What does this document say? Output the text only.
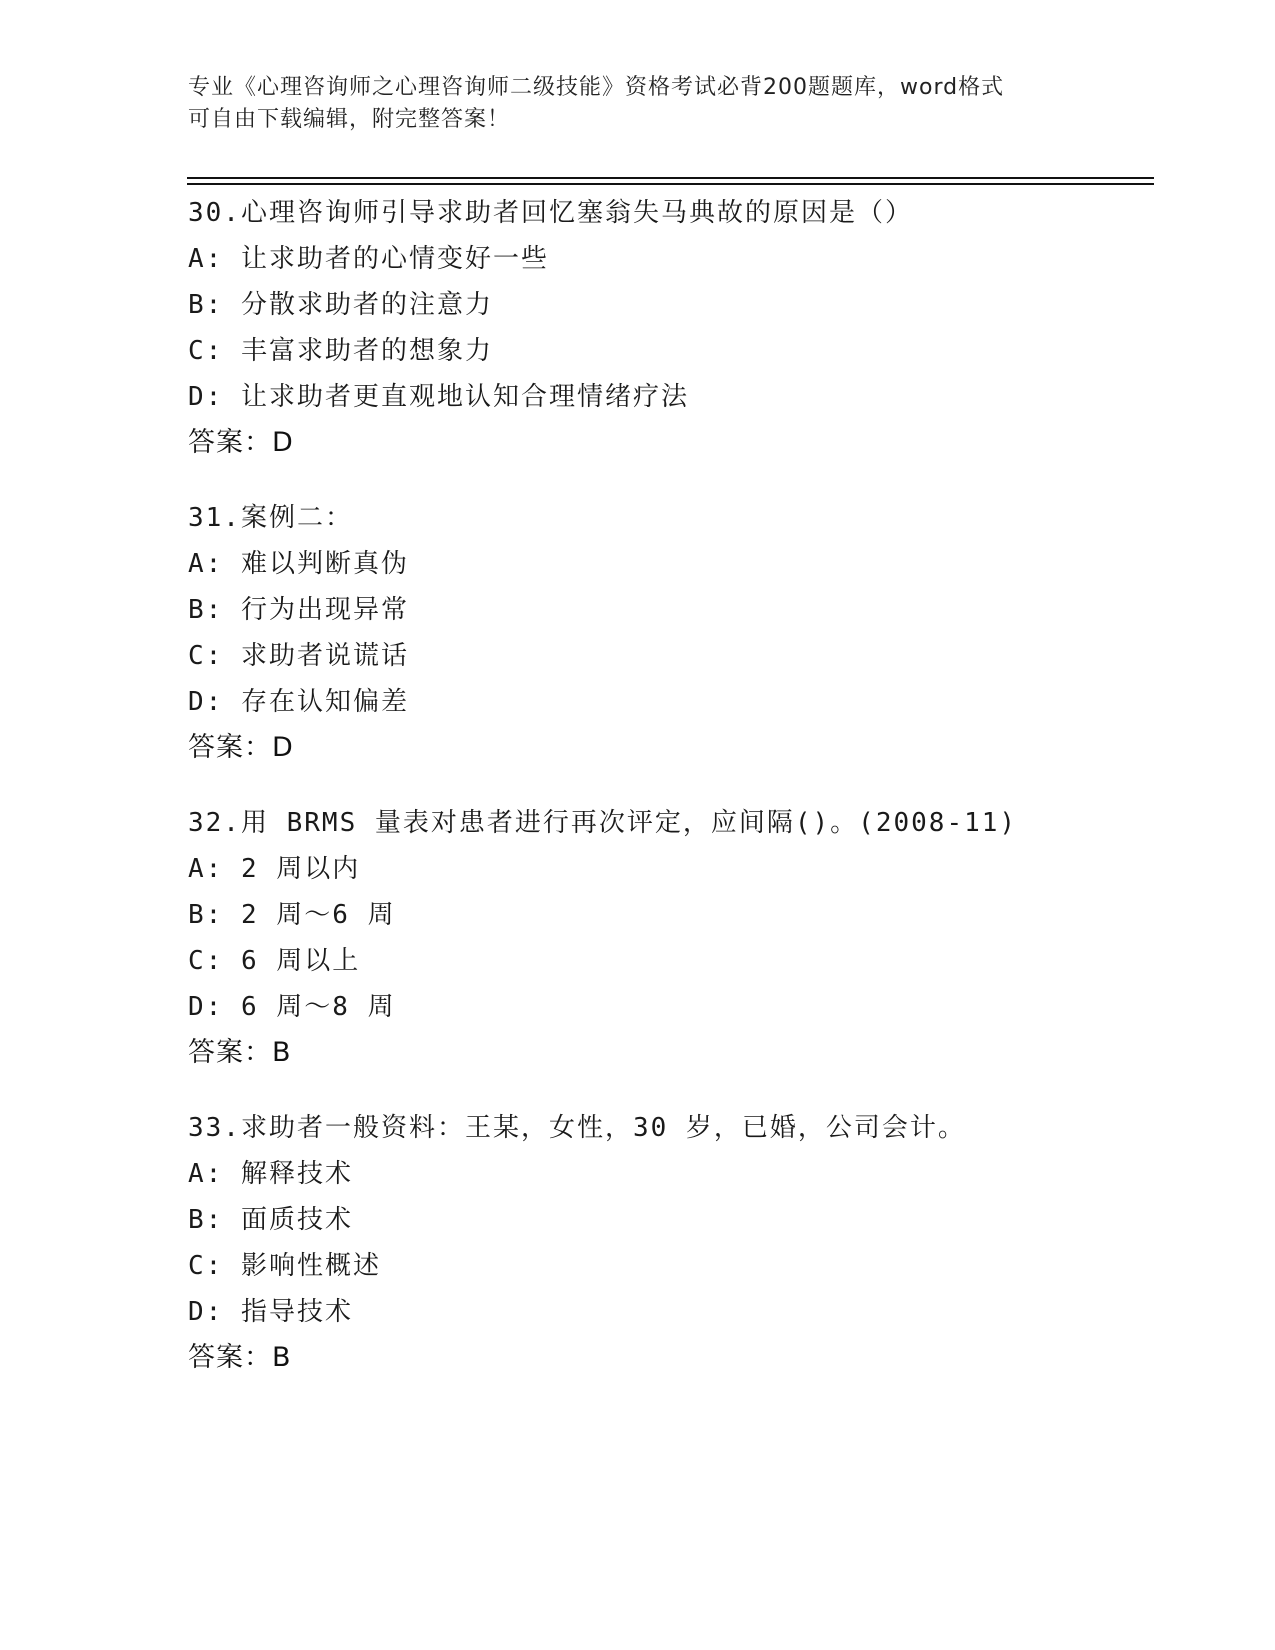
专业《心理咨询师之心理咨询师二级技能》资格考试必背200题题库，word格式
可自由下载编辑，附完整答案！
30.心理咨询师引导求助者回忆塞翁失马典故的原因是（）
A: 让求助者的心情变好一些
B: 分散求助者的注意力
C: 丰富求助者的想象力
D: 让求助者更直观地认知合理情绪疗法
答案：D
31.案例二：
A: 难以判断真伪
B: 行为出现异常
C: 求助者说谎话
D: 存在认知偏差
答案：D
32.用 BRMS 量表对患者进行再次评定，应间隔()。(2008-11)
A: 2 周以内
B: 2 周～6 周
C: 6 周以上
D: 6 周～8 周
答案：B
33.求助者一般资料：王某，女性，30 岁，已婚，公司会计。
A: 解释技术
B: 面质技术
C: 影响性概述
D: 指导技术
答案：B
